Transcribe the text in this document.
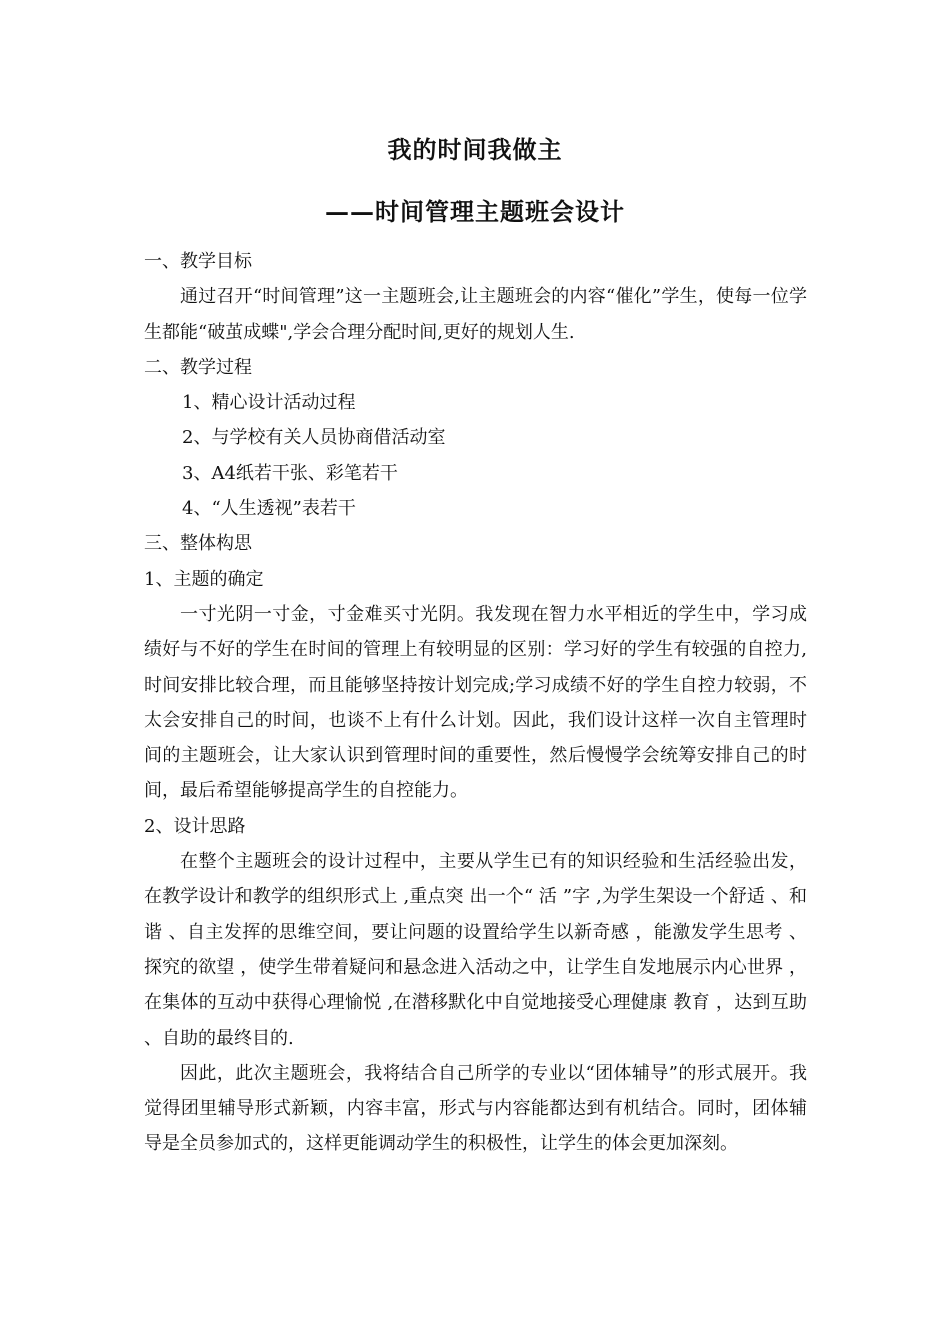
我的时间我做主
——时间管理主题班会设计

一、教学目标

通过召开“时间管理”这一主题班会,让主题班会的内容“催化”学生，使每一位学生都能“破茧成蝶",学会合理分配时间,更好的规划人生.

二、教学过程

1、精心设计活动过程

2、与学校有关人员协商借活动室

3、A4纸若干张、彩笔若干

4、“人生透视”表若干

三、整体构思

1、主题的确定

一寸光阴一寸金，寸金难买寸光阴。我发现在智力水平相近的学生中，学习成绩好与不好的学生在时间的管理上有较明显的区别：学习好的学生有较强的自控力,时间安排比较合理，而且能够坚持按计划完成;学习成绩不好的学生自控力较弱，不太会安排自己的时间，也谈不上有什么计划。因此，我们设计这样一次自主管理时间的主题班会，让大家认识到管理时间的重要性，然后慢慢学会统筹安排自己的时间，最后希望能够提高学生的自控能力。

2、设计思路

在整个主题班会的设计过程中，主要从学生已有的知识经验和生活经验出发，在教学设计和教学的组织形式上 ,重点突 出一个“ 活 ”字 ,为学生架设一个舒适 、和谐 、自主发挥的思维空间，要让问题的设置给学生以新奇感 ，能激发学生思考 、探究的欲望 ，使学生带着疑问和悬念进入活动之中，让学生自发地展示内心世界 ，在集体的互动中获得心理愉悦 ,在潜移默化中自觉地接受心理健康 教育 ，达到互助 、自助的最终目的.

因此，此次主题班会，我将结合自己所学的专业以“团体辅导”的形式展开。我觉得团里辅导形式新颖，内容丰富，形式与内容能都达到有机结合。同时，团体辅导是全员参加式的，这样更能调动学生的积极性，让学生的体会更加深刻。
